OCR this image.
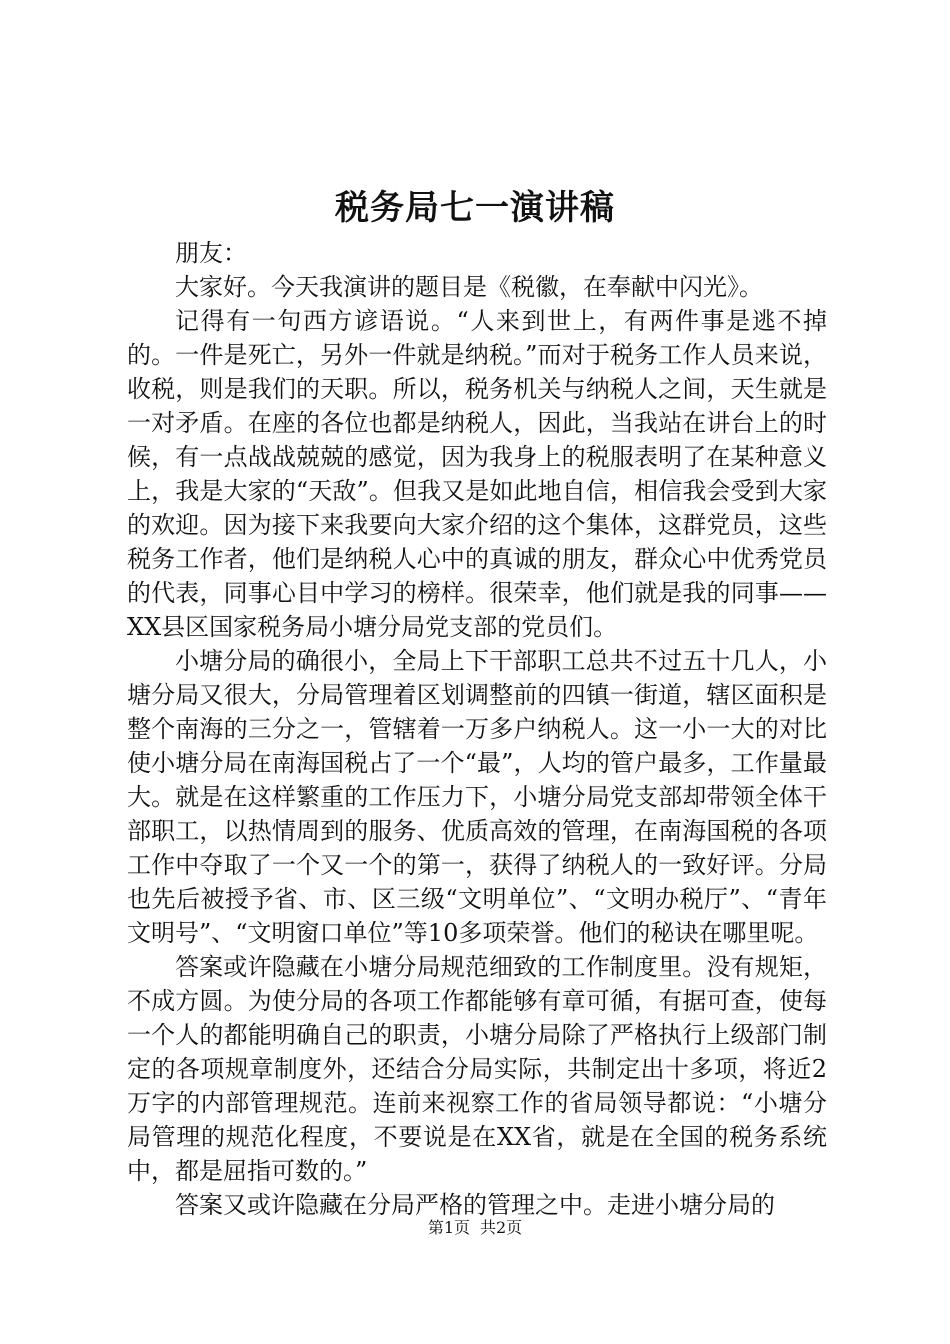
税务局七一演讲稿

朋友：

大家好。今天我演讲的题目是《税徽，在奉献中闪光》。

记得有一句西方谚语说。“人来到世上，有两件事是逃不掉的。一件是死亡，另外一件就是纳税。”而对于税务工作人员来说，收税，则是我们的天职。所以，税务机关与纳税人之间，天生就是一对矛盾。在座的各位也都是纳税人，因此，当我站在讲台上的时候，有一点战战兢兢的感觉，因为我身上的税服表明了在某种意义上，我是大家的“天敌”。但我又是如此地自信，相信我会受到大家的欢迎。因为接下来我要向大家介绍的这个集体，这群党员，这些税务工作者，他们是纳税人心中的真诚的朋友，群众心中优秀党员的代表，同事心目中学习的榜样。很荣幸，他们就是我的同事——XX县区国家税务局小塘分局党支部的党员们。

小塘分局的确很小，全局上下干部职工总共不过五十几人，小塘分局又很大，分局管理着区划调整前的四镇一街道，辖区面积是整个南海的三分之一，管辖着一万多户纳税人。这一小一大的对比使小塘分局在南海国税占了一个“最”，人均的管户最多，工作量最大。就是在这样繁重的工作压力下，小塘分局党支部却带领全体干部职工，以热情周到的服务、优质高效的管理，在南海国税的各项工作中夺取了一个又一个的第一，获得了纳税人的一致好评。分局也先后被授予省、市、区三级“文明单位”、“文明办税厅”、“青年文明号”、“文明窗口单位”等10多项荣誉。他们的秘诀在哪里呢。

答案或许隐藏在小塘分局规范细致的工作制度里。没有规矩，不成方圆。为使分局的各项工作都能够有章可循，有据可查，使每一个人的都能明确自己的职责，小塘分局除了严格执行上级部门制定的各项规章制度外，还结合分局实际，共制定出十多项，将近2万字的内部管理规范。连前来视察工作的省局领导都说：“小塘分局管理的规范化程度，不要说是在XX省，就是在全国的税务系统中，都是屈指可数的。”

答案又或许隐藏在分局严格的管理之中。走进小塘分局的

第1页 共2页
